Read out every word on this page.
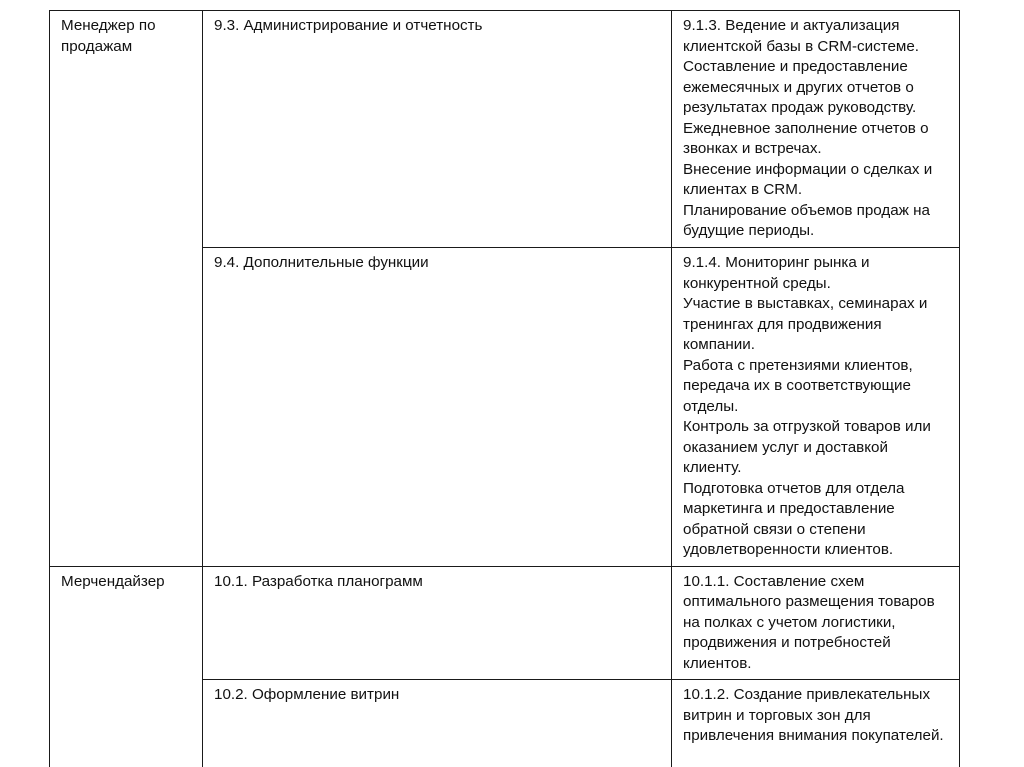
Менеджер по продажам	9.3. Администрирование и отчетность	9.1.3. Ведение и актуализация клиентской базы в CRM-системе.
Составление и предоставление ежемесячных и других отчетов о результатах продаж руководству.
Ежедневное заполнение отчетов о звонках и встречах.
Внесение информации о сделках и клиентах в CRM.
Планирование объемов продаж на будущие периоды.

	9.4. Дополнительные функции	9.1.4. Мониторинг рынка и конкурентной среды.
Участие в выставках, семинарах и тренингах для продвижения компании.
Работа с претензиями клиентов, передача их в соответствующие отделы.
Контроль за отгрузкой товаров или оказанием услуг и доставкой клиенту.
Подготовка отчетов для отдела маркетинга и предоставление обратной связи о степени удовлетворенности клиентов.

Мерчендайзер	10.1. Разработка планограмм	10.1.1. Составление схем оптимального размещения товаров на полках с учетом логистики, продвижения и потребностей клиентов.

	10.2. Оформление витрин	10.1.2. Создание привлекательных витрин и торговых зон для привлечения внимания покупателей.
